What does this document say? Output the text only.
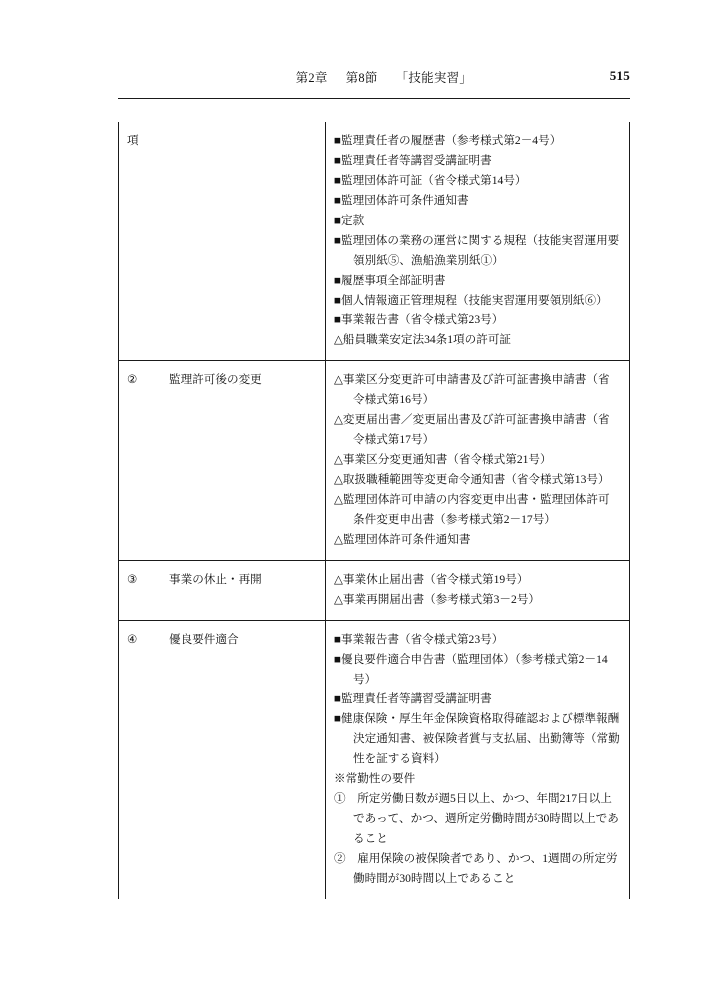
第2章 第8節 「技能実習」	515
項		■監理責任者の履歴書（参考様式第2－4号）
■監理責任者等講習受講証明書
■監理団体許可証（省令様式第14号）
■監理団体許可条件通知書
■定款
■監理団体の業務の運営に関する規程（技能実習運用要領別紙⑤、漁船漁業別紙①）
■履歴事項全部証明書
■個人情報適正管理規程（技能実習運用要領別紙⑥）
■事業報告書（省令様式第23号）
△船員職業安定法34条1項の許可証

②	監理許可後の変更	△事業区分変更許可申請書及び許可証書換申請書（省令様式第16号）
△変更届出書／変更届出書及び許可証書換申請書（省令様式第17号）
△事業区分変更通知書（省令様式第21号）
△取扱職種範囲等変更命令通知書（省令様式第13号）
△監理団体許可申請の内容変更申出書・監理団体許可条件変更申出書（参考様式第2－17号）
△監理団体許可条件通知書

③	事業の休止・再開	△事業休止届出書（省令様式第19号）
△事業再開届出書（参考様式第3－2号）

④	優良要件適合	■事業報告書（省令様式第23号）
■優良要件適合申告書（監理団体）（参考様式第2－14号）
■監理責任者等講習受講証明書
■健康保険・厚生年金保険資格取得確認および標準報酬決定通知書、被保険者賞与支払届、出勤簿等（常勤性を証する資料）
※常勤性の要件
①　所定労働日数が週5日以上、かつ、年間217日以上であって、かつ、週所定労働時間が30時間以上であること
②　雇用保険の被保険者であり、かつ、1週間の所定労働時間が30時間以上であること
